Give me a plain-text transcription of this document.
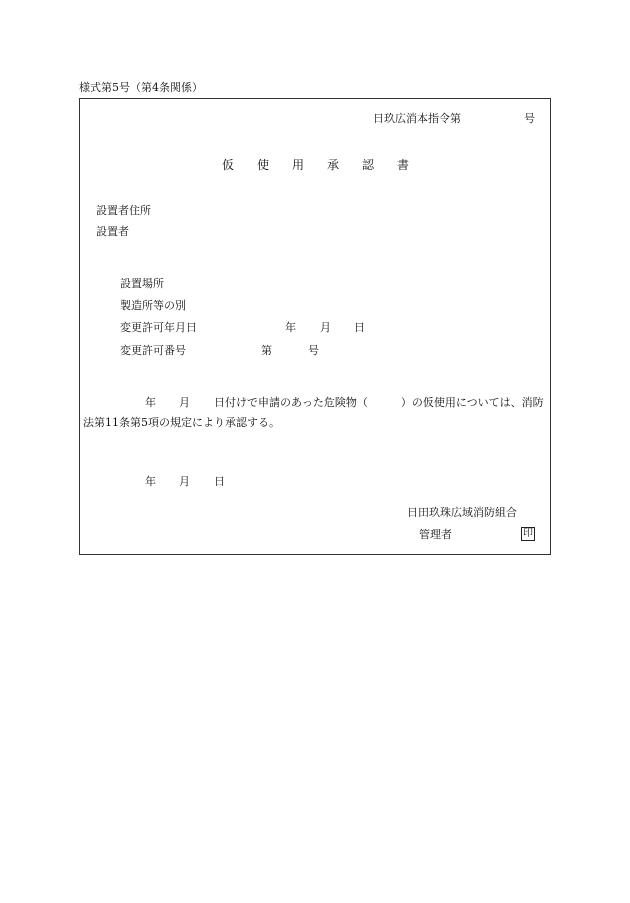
様式第5号（第4条関係）
日玖広消本指令第	号
仮 使 用 承 認 書
設置者住所
設置者
設置場所
製造所等の別
変更許可年月日	年 月 日
変更許可番号	第	号
年 月 日付けで申請のあった危険物（　　　）の仮使用については、消防
法第11条第5項の規定により承認する。
年 月 日
日田玖珠広域消防組合
管理者	印
